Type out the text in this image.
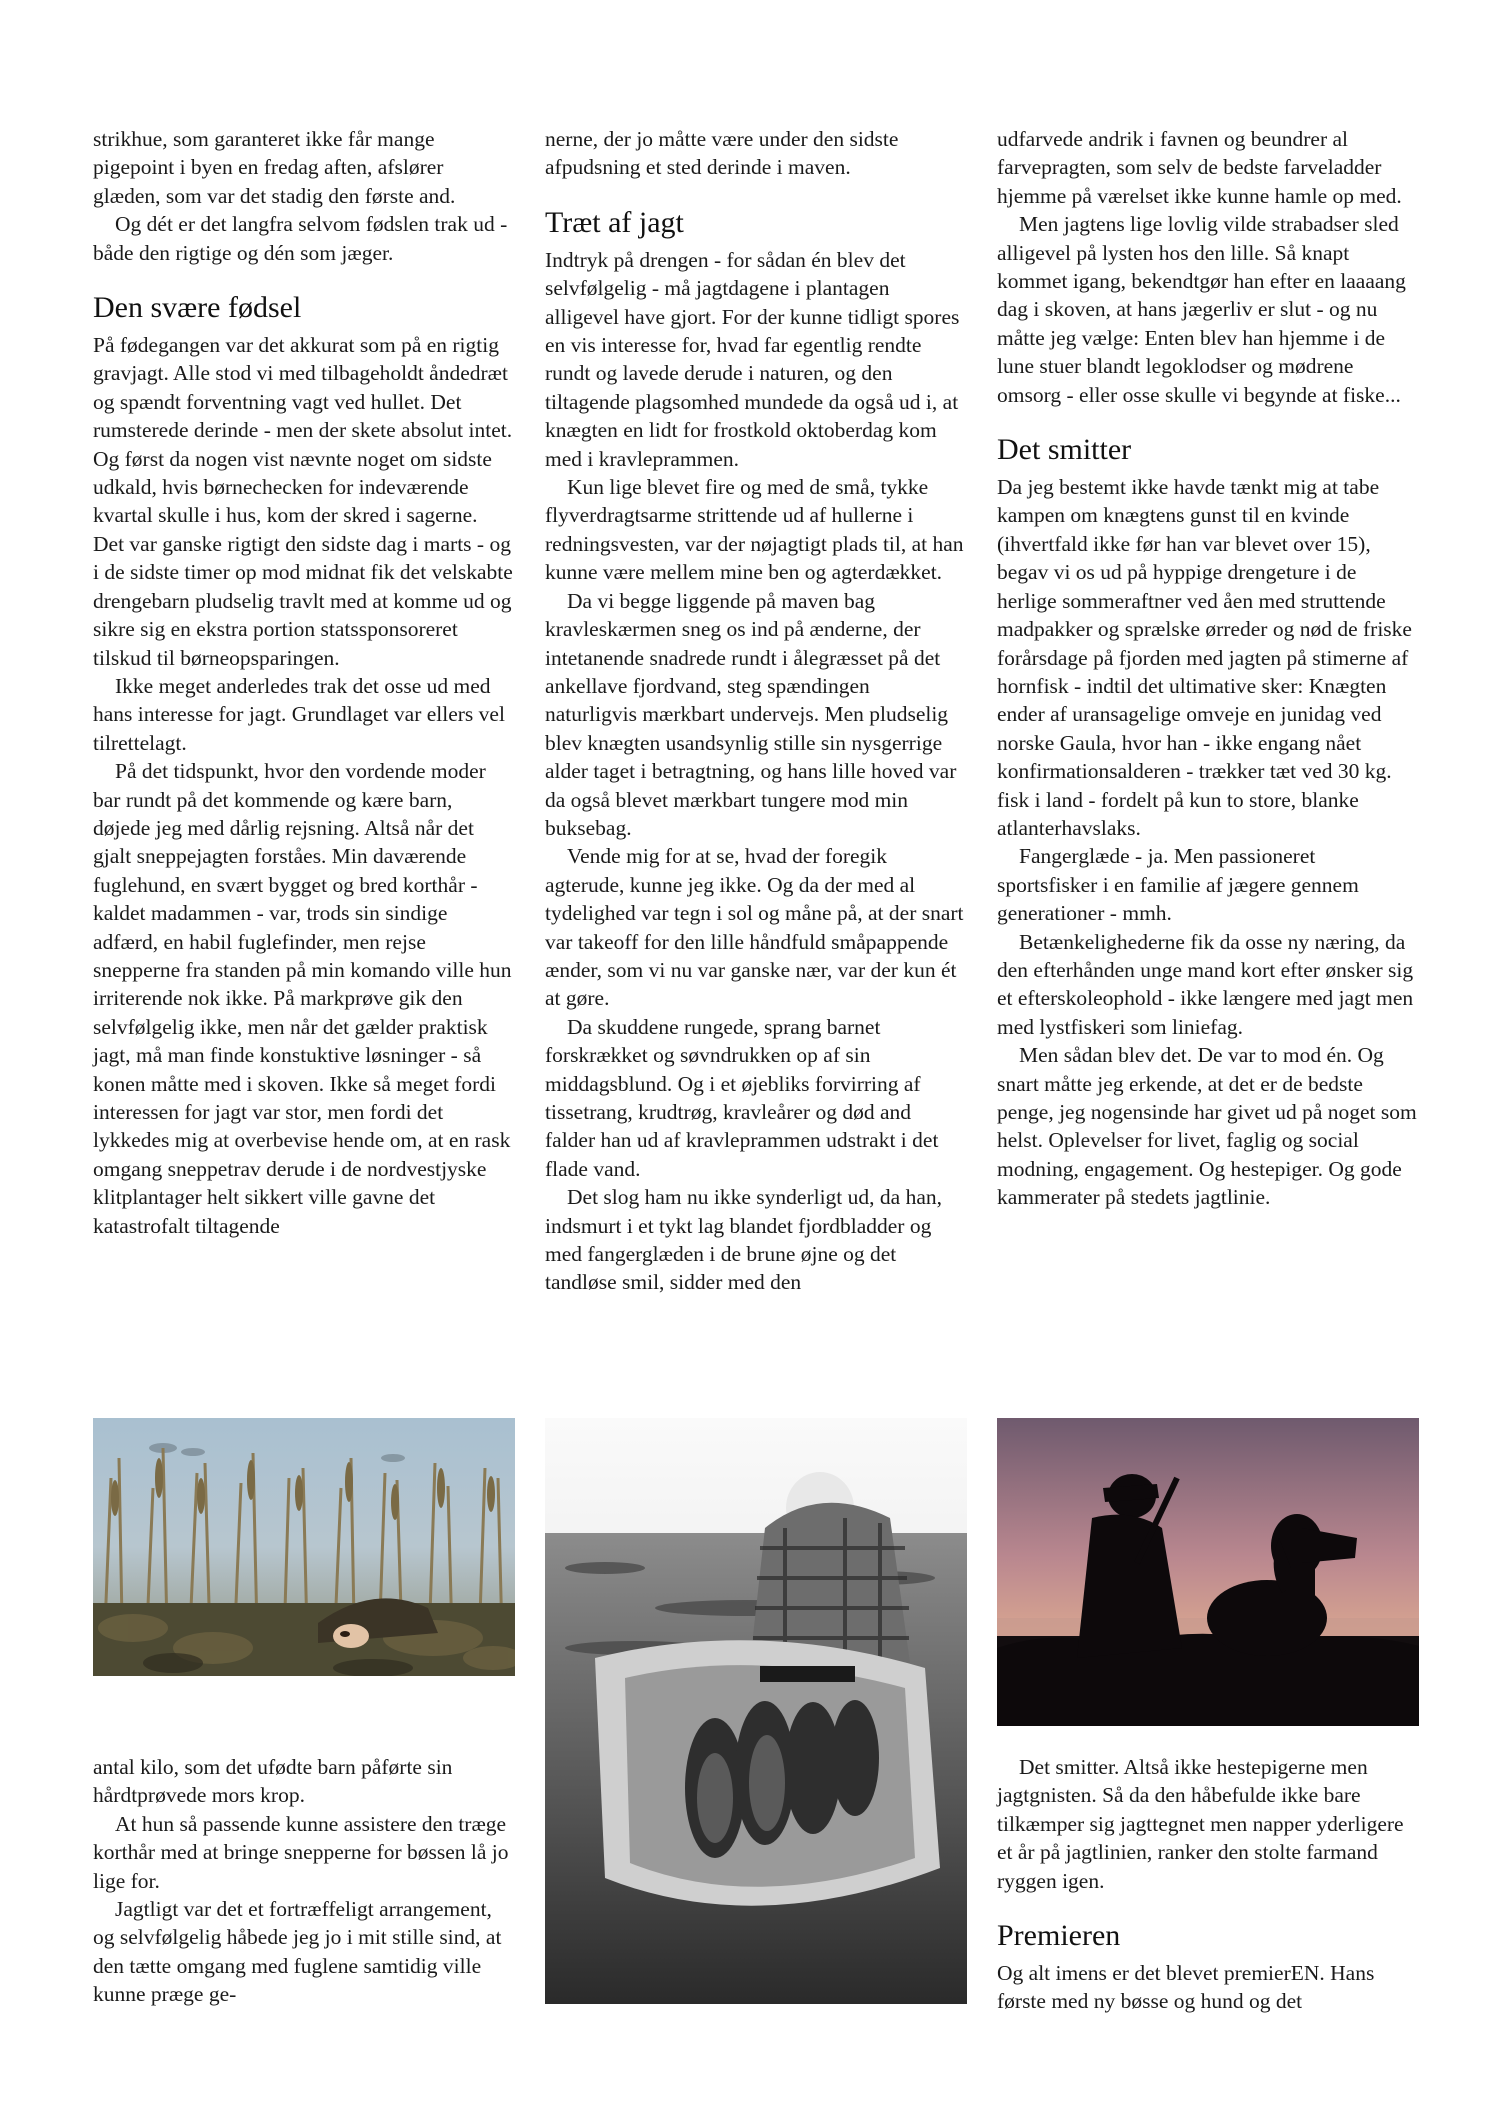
strikhue, som garanteret ikke får mange pigepoint i byen en fredag aften, afslører glæden, som var det stadig den første and.

Og dét er det langfra selvom fødslen trak ud - både den rigtige og dén som jæger.

Den svære fødsel

På fødegangen var det akkurat som på en rigtig gravjagt. Alle stod vi med tilbageholdt åndedræt og spændt forventning vagt ved hullet. Det rumsterede derinde - men der skete absolut intet. Og først da nogen vist nævnte noget om sidste udkald, hvis børnechecken for indeværende kvartal skulle i hus, kom der skred i sagerne. Det var ganske rigtigt den sidste dag i marts - og i de sidste timer op mod midnat fik det velskabte drengebarn pludselig travlt med at komme ud og sikre sig en ekstra portion statssponsoreret tilskud til børneopsparingen.

Ikke meget anderledes trak det osse ud med hans interesse for jagt. Grundlaget var ellers vel tilrettelagt.

På det tidspunkt, hvor den vordende moder bar rundt på det kommende og kære barn, døjede jeg med dårlig rejsning. Altså når det gjalt sneppejagten forståes. Min daværende fuglehund, en svært bygget og bred korthår - kaldet madammen - var, trods sin sindige adfærd, en habil fuglefinder, men rejse snepperne fra standen på min komando ville hun irriterende nok ikke. På markprøve gik den selvfølgelig ikke, men når det gælder praktisk jagt, må man finde konstuktive løsninger - så konen måtte med i skoven. Ikke så meget fordi interessen for jagt var stor, men fordi det lykkedes mig at overbevise hende om, at en rask omgang sneppetrav derude i de nordvestjyske klitplantager helt sikkert ville gavne det katastrofalt tiltagende

nerne, der jo måtte være under den sidste afpudsning et sted derinde i maven.

Træt af jagt

Indtryk på drengen - for sådan én blev det selvfølgelig - må jagtdagene i plantagen alligevel have gjort. For der kunne tidligt spores en vis interesse for, hvad far egentlig rendte rundt og lavede derude i naturen, og den tiltagende plagsomhed mundede da også ud i, at knægten en lidt for frostkold oktoberdag kom med i kravleprammen.

Kun lige blevet fire og med de små, tykke flyverdragtsarme strittende ud af hullerne i redningsvesten, var der nøjagtigt plads til, at han kunne være mellem mine ben og agterdækket.

Da vi begge liggende på maven bag kravleskærmen sneg os ind på ænderne, der intetanende snadrede rundt i ålegræsset på det ankellave fjordvand, steg spændingen naturligvis mærkbart undervejs. Men pludselig blev knægten usandsynlig stille sin nysgerrige alder taget i betragtning, og hans lille hoved var da også blevet mærkbart tungere mod min buksebag.

Vende mig for at se, hvad der foregik agterude, kunne jeg ikke. Og da der med al tydelighed var tegn i sol og måne på, at der snart var takeoff for den lille håndfuld småpappende ænder, som vi nu var ganske nær, var der kun ét at gøre.

Da skuddene rungede, sprang barnet forskrækket og søvndrukken op af sin middagsblund. Og i et øjebliks forvirring af tissetrang, krudtrøg, kravleårer og død and falder han ud af kravleprammen udstrakt i det flade vand.

Det slog ham nu ikke synderligt ud, da han, indsmurt i et tykt lag blandet fjordbladder og med fangerglæden i de brune øjne og det tandløse smil, sidder med den

udfarvede andrik i favnen og beundrer al farvepragten, som selv de bedste farveladder hjemme på værelset ikke kunne hamle op med.

Men jagtens lige lovlig vilde strabadser sled alligevel på lysten hos den lille. Så knapt kommet igang, bekendtgør han efter en laaaang dag i skoven, at hans jægerliv er slut - og nu måtte jeg vælge: Enten blev han hjemme i de lune stuer blandt legoklodser og mødrene omsorg - eller osse skulle vi begynde at fiske...

Det smitter

Da jeg bestemt ikke havde tænkt mig at tabe kampen om knægtens gunst til en kvinde (ihvertfald ikke før han var blevet over 15), begav vi os ud på hyppige drengeture i de herlige sommeraftner ved åen med struttende madpakker og sprælske ørreder og nød de friske forårsdage på fjorden med jagten på stimerne af hornfisk - indtil det ultimative sker: Knægten ender af uransagelige omveje en junidag ved norske Gaula, hvor han - ikke engang nået konfirmationsalderen - trækker tæt ved 30 kg. fisk i land - fordelt på kun to store, blanke atlanterhavslaks.

Fangerglæde - ja. Men passioneret sportsfisker i en familie af jægere gennem generationer - mmh.

Betænkelighederne fik da osse ny næring, da den efterhånden unge mand kort efter ønsker sig et efterskoleophold - ikke længere med jagt men med lystfiskeri som liniefag.

Men sådan blev det. De var to mod én. Og snart måtte jeg erkende, at det er de bedste penge, jeg nogensinde har givet ud på noget som helst. Oplevelser for livet, faglig og social modning, engagement. Og hestepiger. Og gode kammerater på stedets jagtlinie.

antal kilo, som det ufødte barn påførte sin hårdtprøvede mors krop.

At hun så passende kunne assistere den træge korthår med at bringe snepperne for bøssen lå jo lige for.

Jagtligt var det et fortræffeligt arrangement, og selvfølgelig håbede jeg jo i mit stille sind, at den tætte omgang med fuglene samtidig ville kunne præge ge-

Det smitter. Altså ikke hestepigerne men jagtgnisten. Så da den håbefulde ikke bare tilkæmper sig jagttegnet men napper yderligere et år på jagtlinien, ranker den stolte farmand ryggen igen.

Premieren

Og alt imens er det blevet premierEN. Hans første med ny bøsse og hund og det
